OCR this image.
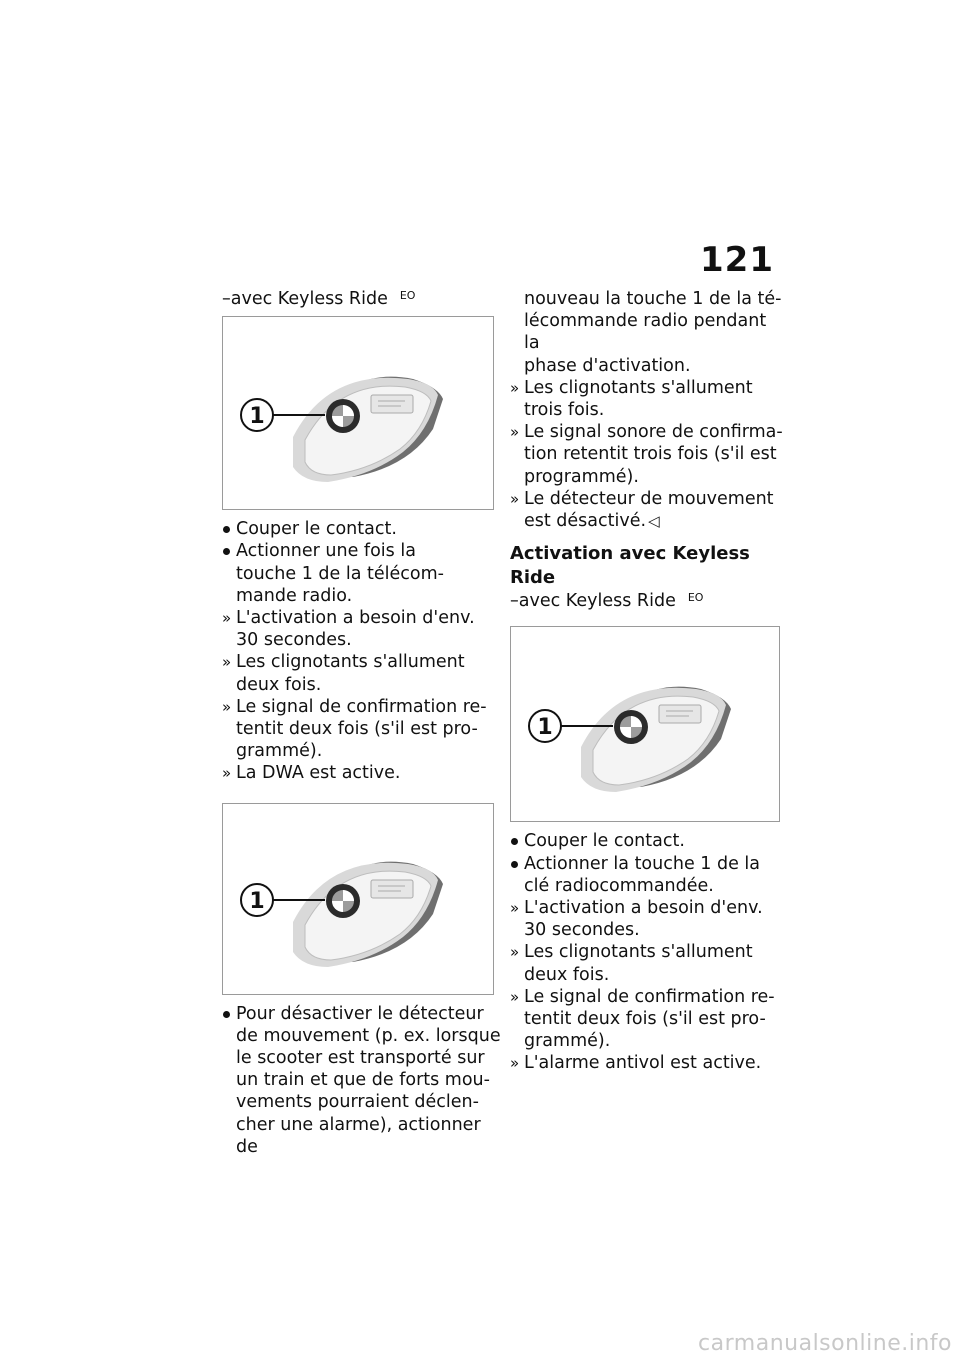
121
–avec Keyless Ride $^{EO}$
1
Couper le contact.
Actionner une fois la
touche 1 de la télécom-
mande radio.
» L'activation a besoin d'env.
30 secondes.
» Les clignotants s'allument
deux fois.
» Le signal de confirmation re-
tentit deux fois (s'il est pro-
grammé).
» La DWA est active.
1
Pour désactiver le détecteur
de mouvement (p. ex. lorsque
le scooter est transporté sur
un train et que de forts mou-
vements pourraient déclen-
cher une alarme), actionner de
nouveau la touche 1 de la té-
lécommande radio pendant la
phase d'activation.
» Les clignotants s'allument
trois fois.
» Le signal sonore de confirma-
tion retentit trois fois (s'il est
programmé).
» Le détecteur de mouvement
est désactivé. ◁
Activation avec Keyless Ride
–avec Keyless Ride $^{EO}$
1
Couper le contact.
Actionner la touche 1 de la
clé radiocommandée.
» L'activation a besoin d'env.
30 secondes.
» Les clignotants s'allument
deux fois.
» Le signal de confirmation re-
tentit deux fois (s'il est pro-
grammé).
» L'alarme antivol est active.
carmanualsonline.info
